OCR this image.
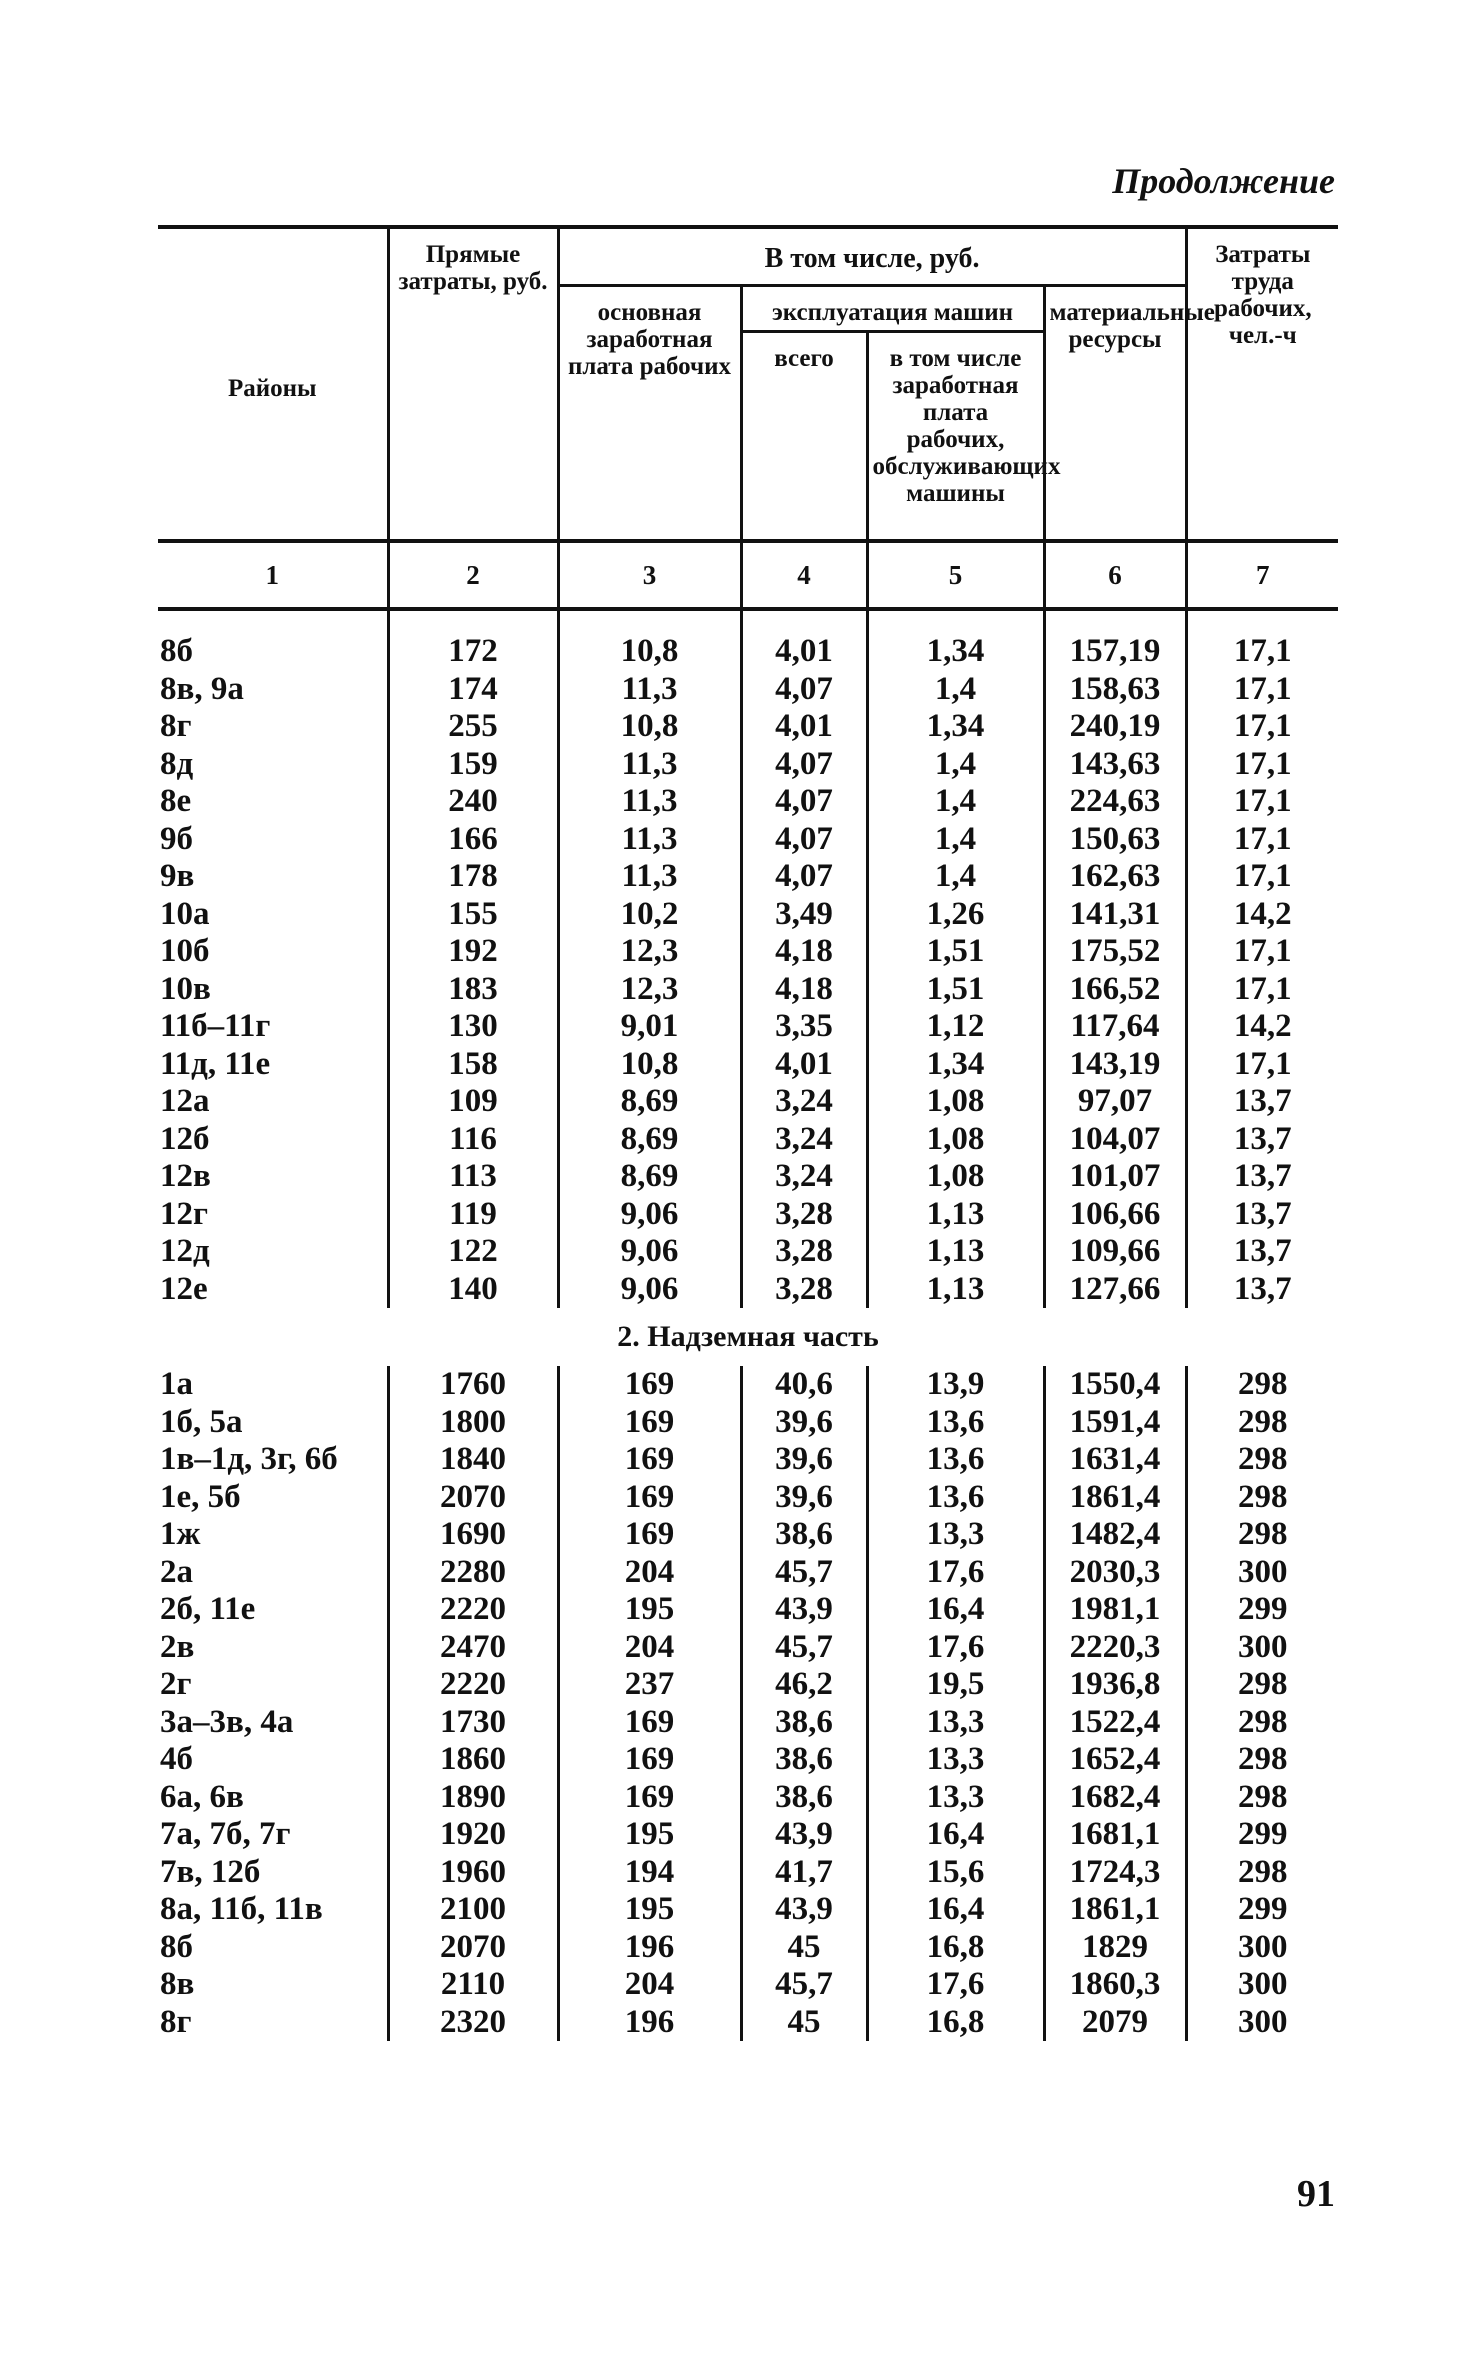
Продолжение
Районы	Прямые затраты, руб.	В том числе, руб.				Затраты труда рабочих, чел.-ч
		основная заработная плата рабочих	эксплуатация машин		материальные ресурсы	
			всего	в том числе заработная плата рабочих, обслуживающих машины		
1	2	3	4	5	6	7

8б	172	10,8	4,01	1,34	157,19	17,1
8в, 9а	174	11,3	4,07	1,4	158,63	17,1
8г	255	10,8	4,01	1,34	240,19	17,1
8д	159	11,3	4,07	1,4	143,63	17,1
8е	240	11,3	4,07	1,4	224,63	17,1
9б	166	11,3	4,07	1,4	150,63	17,1
9в	178	11,3	4,07	1,4	162,63	17,1
10а	155	10,2	3,49	1,26	141,31	14,2
10б	192	12,3	4,18	1,51	175,52	17,1
10в	183	12,3	4,18	1,51	166,52	17,1
11б–11г	130	9,01	3,35	1,12	117,64	14,2
11д, 11е	158	10,8	4,01	1,34	143,19	17,1
12а	109	8,69	3,24	1,08	97,07	13,7
12б	116	8,69	3,24	1,08	104,07	13,7
12в	113	8,69	3,24	1,08	101,07	13,7
12г	119	9,06	3,28	1,13	106,66	13,7
12д	122	9,06	3,28	1,13	109,66	13,7
12е	140	9,06	3,28	1,13	127,66	13,7
2. Надземная часть						
1а	1760	169	40,6	13,9	1550,4	298
1б, 5а	1800	169	39,6	13,6	1591,4	298
1в–1д, 3г, 6б	1840	169	39,6	13,6	1631,4	298
1е, 5б	2070	169	39,6	13,6	1861,4	298
1ж	1690	169	38,6	13,3	1482,4	298
2а	2280	204	45,7	17,6	2030,3	300
2б, 11е	2220	195	43,9	16,4	1981,1	299
2в	2470	204	45,7	17,6	2220,3	300
2г	2220	237	46,2	19,5	1936,8	298
3а–3в, 4а	1730	169	38,6	13,3	1522,4	298
4б	1860	169	38,6	13,3	1652,4	298
6а, 6в	1890	169	38,6	13,3	1682,4	298
7а, 7б, 7г	1920	195	43,9	16,4	1681,1	299
7в, 12б	1960	194	41,7	15,6	1724,3	298
8а, 11б, 11в	2100	195	43,9	16,4	1861,1	299
8б	2070	196	45	16,8	1829	300
8в	2110	204	45,7	17,6	1860,3	300
8г	2320	196	45	16,8	2079	300
91
